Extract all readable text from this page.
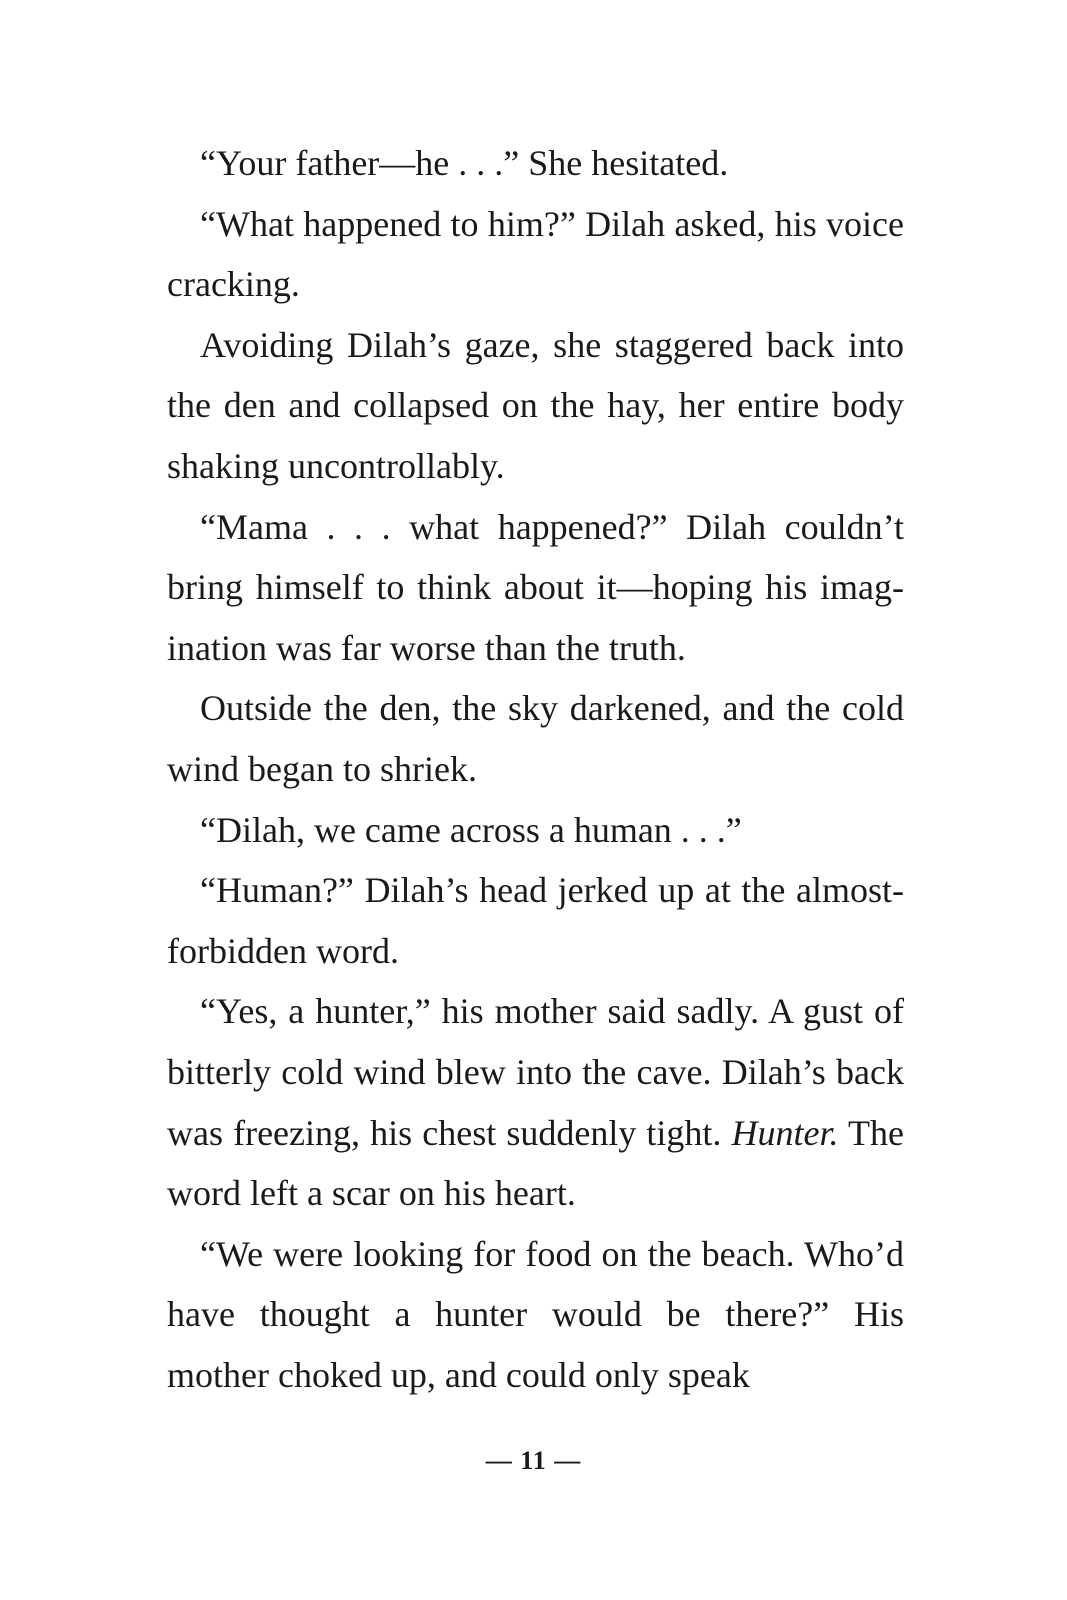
“Your father—he . . .” She hesitated.

“What happened to him?” Dilah asked, his voice cracking.

Avoiding Dilah’s gaze, she staggered back into the den and collapsed on the hay, her entire body shaking uncontrollably.

“Mama . . . what happened?” Dilah couldn’t bring himself to think about it—hoping his imag-ination was far worse than the truth.

Outside the den, the sky darkened, and the cold wind began to shriek.

“Dilah, we came across a human . . .”

“Human?” Dilah’s head jerked up at the almost-forbidden word.

“Yes, a hunter,” his mother said sadly. A gust of bitterly cold wind blew into the cave. Dilah’s back was freezing, his chest suddenly tight. Hunter. The word left a scar on his heart.

“We were looking for food on the beach. Who’d have thought a hunter would be there?” His mother choked up, and could only speak

— 11 —
